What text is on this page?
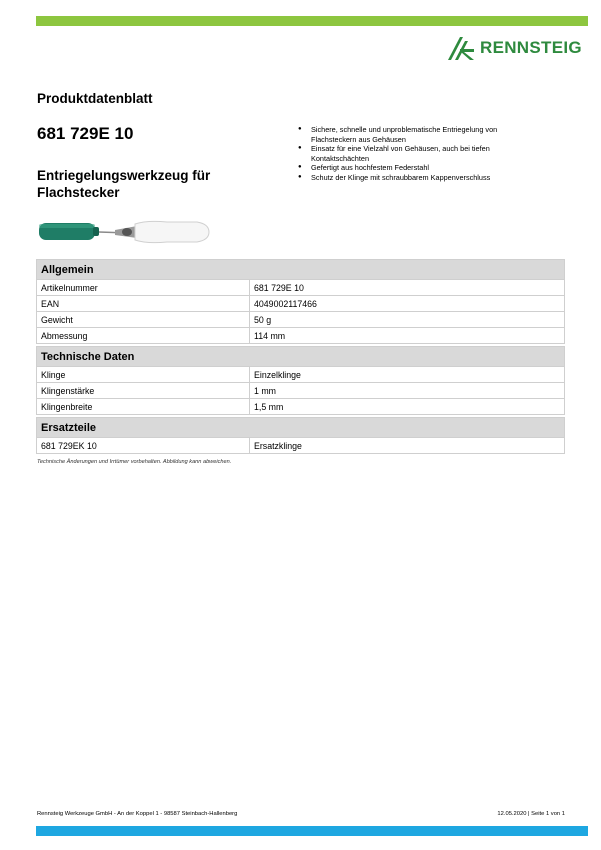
RENNSTEIG
Produktdatenblatt
681 729E 10
Entriegelungswerkzeug für Flachstecker
● Sichere, schnelle und unproblematische Entriegelung von Flachsteckern aus Gehäusen
● Einsatz für eine Vielzahl von Gehäusen, auch bei tiefen Kontaktschächten
● Gefertigt aus hochfestem Federstahl
● Schutz der Klinge mit schraubbarem Kappenverschluss
Allgemein	
Artikelnummer	681 729E 10
EAN	4049002117466
Gewicht	50 g
Abmessung	114 mm
Technische Daten	
Klinge	Einzelklinge
Klingenstärke	1 mm
Klingenbreite	1,5 mm
Ersatzteile
681 729EK 10	Ersatzklinge
Technische Änderungen und Irrtümer vorbehalten. Abbildung kann abweichen.
Rennsteig Werkzeuge GmbH - An der Koppel 1 - 98587 Steinbach-Hallenberg	12.05.2020 | Seite 1 von 1
